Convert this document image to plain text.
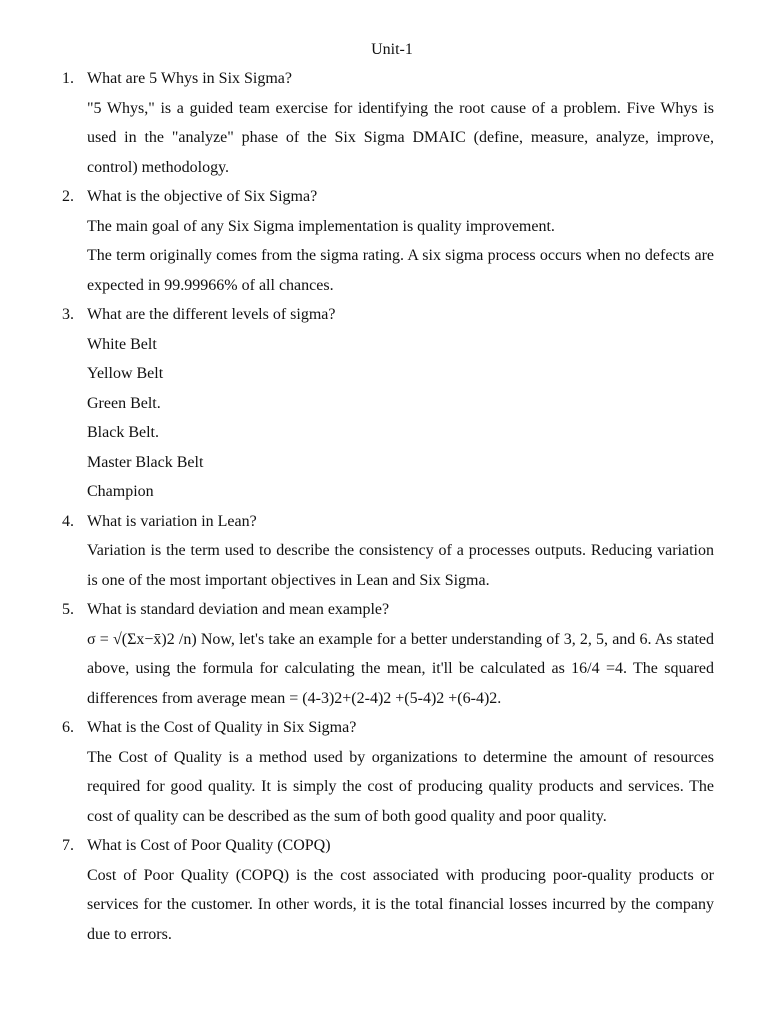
Unit-1
1. What are 5 Whys in Six Sigma?

"5 Whys," is a guided team exercise for identifying the root cause of a problem. Five Whys is used in the "analyze" phase of the Six Sigma DMAIC (define, measure, analyze, improve, control) methodology.

2. What is the objective of Six Sigma?

The main goal of any Six Sigma implementation is quality improvement.

The term originally comes from the sigma rating. A six sigma process occurs when no defects are expected in 99.99966% of all chances.

3. What are the different levels of sigma?
White Belt
Yellow Belt
Green Belt.
Black Belt.
Master Black Belt
Champion
4. What is variation in Lean?

Variation is the term used to describe the consistency of a processes outputs. Reducing variation is one of the most important objectives in Lean and Six Sigma.

5. What is standard deviation and mean example?

σ = √(Σx−x̄)2 /n) Now, let's take an example for a better understanding of 3, 2, 5, and 6. As stated above, using the formula for calculating the mean, it'll be calculated as 16/4 =4. The squared differences from average mean = (4-3)2+(2-4)2 +(5-4)2 +(6-4)2.

6. What is the Cost of Quality in Six Sigma?

The Cost of Quality is a method used by organizations to determine the amount of resources required for good quality. It is simply the cost of producing quality products and services. The cost of quality can be described as the sum of both good quality and poor quality.

7. What is Cost of Poor Quality (COPQ)

Cost of Poor Quality (COPQ) is the cost associated with producing poor-quality products or services for the customer. In other words, it is the total financial losses incurred by the company due to errors.
